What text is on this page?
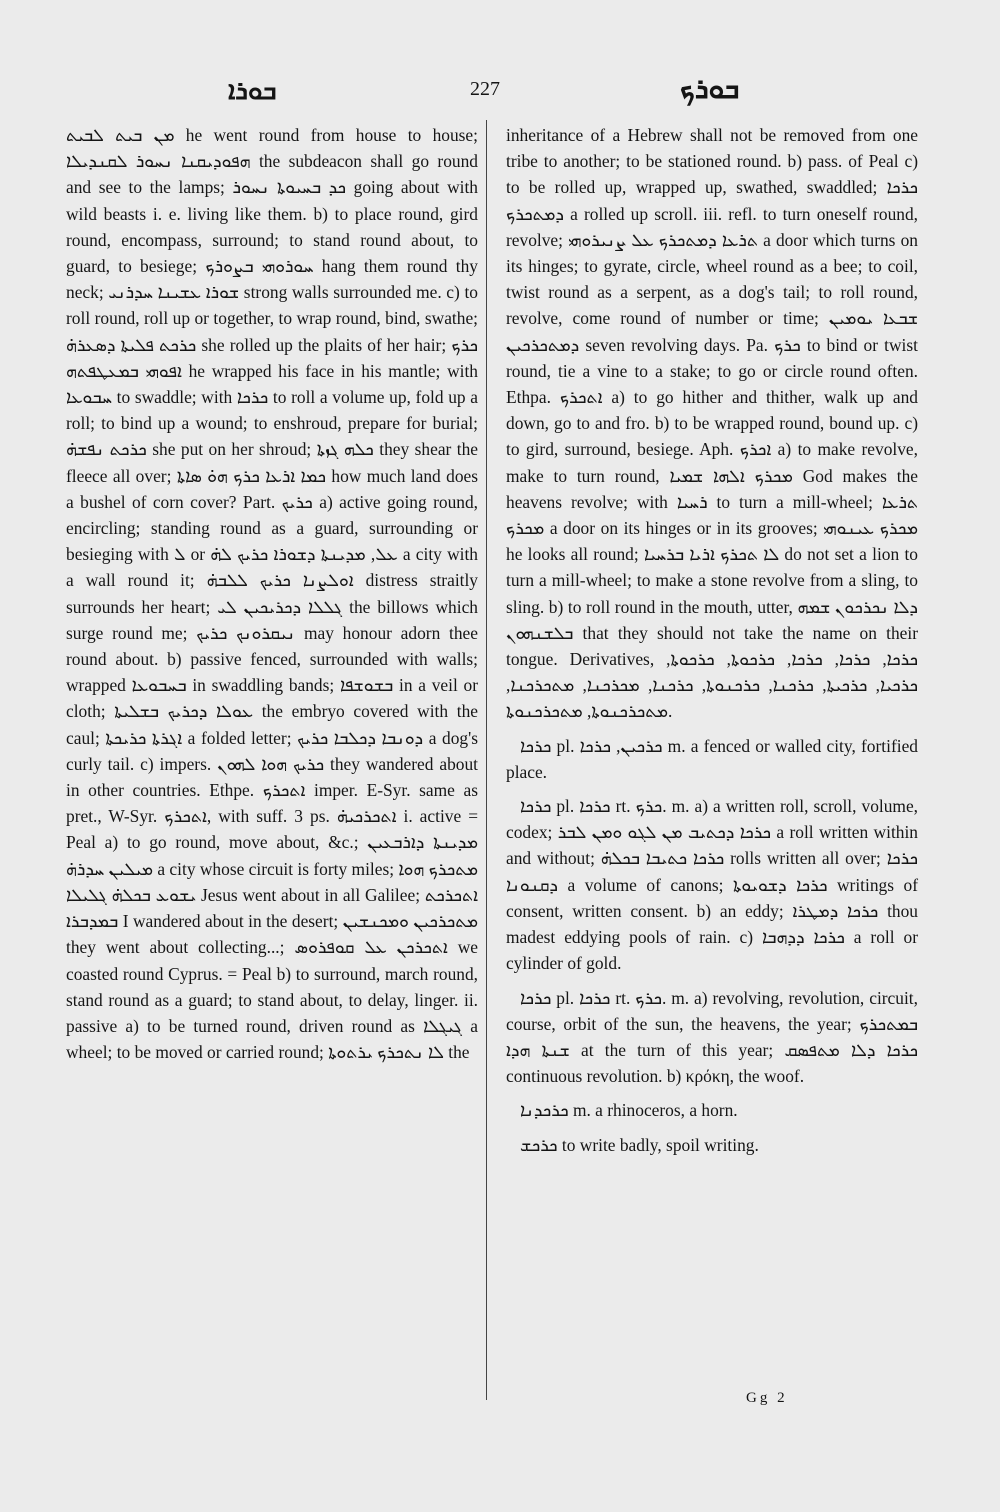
ܒܘܪܐ	227	ܒܘܪܟ

ܡܢ ܒܝܬ ܠܒܝܬ he went round from house to house; ܗܦܘܕܝܩܢܐ ܢܚܘܪ ܠܩܢܕܝܠܐ the subdeacon shall go round and see to the lamps; ܟܕ ܒܚܝܘܬܐ ܢܚܘܪ going about with wild beasts i. e. living like them. b) to place round, gird round, encompass, surround; to stand round about, to guard, to besiege; ܚܘܪܘܗܝ ܒܨܘܪܟ hang them round thy neck; ܫܘܪܐ ܥܫܝܢܐ ܚܕܪܢܝ strong walls surrounded me. c) to roll round, roll up or together, to wrap round, bind, swathe; ܟܪܟܬ ܦܠܝܬܐ ܕܣܥܪܗ̇ she rolled up the plaits of her hair; ܟܪܟ ܐܦܘܗܝ ܒܡܥܛܦܬܗ he wrapped his face in his mantle; with ܚܒܘܥܐ to swaddle; with ܟܪܟܐ to roll a volume up, fold up a roll; to bind up a wound; to enshroud, prepare for burial; ܟܪܟܬ ܢܦܫܗ̇ she put on her shroud; ܟܠܗ ܓܙܬܐ they shear the fleece all over; ܟܡܐ ܐܪܥܐ ܟܪܟ ܗܘ̇ ܣܐܬܐ how much land does a bushel of corn cover? Part. ܟܪܝܟ a) active going round, encircling; standing round as a guard, surrounding or besieging with ܠ or ܥܠ, ܡܕܝܢܬܐ ܕܫܘܪܐ ܟܪܝܟ ܠܗ̇ a city with a wall round it; ܐܘܠܨܢܐ ܟܪܝܟ ܠܠܒܗ̇ distress straitly surrounds her heart; ܓܠܠܐ ܕܟܪܝܟܝܢ ܠܝ the billows which surge round me; ܢܝܩܪܘܢܟ ܟܪܝܟ may honour adorn thee round about. b) passive fenced, surrounded with walls; wrapped ܒܚܒܘܥܐ in swaddling bands; ܒܫܘܫܦܐ in a veil or cloth; ܥܘܠܐ ܕܟܪܝܟ ܒܫܠܝܬܐ the embryo covered with the caul; ܐܓܪܬܐ ܟܪܝܟܬܐ a folded letter; ܕܘܢܒܐ ܕܟܠܒܐ ܟܪܝܟ a dog's curly tail. c) impers. ܟܪܝܟ ܗܘܐ ܠܗܘܢ they wandered about in other countries. Ethpe. ܐܬܟܪܟ imper. E-Syr. same as pret., W-Syr. ܐܬܟܪܟ, with suff. 3 ps. ܐܬܟܪܟܝܗ̇ i. active = Peal a) to go round, move about, &c.; ܡܕܝܢܬܐ ܕܐܪܒܥܝܢ ܡܝܠܝܢ ܚܕܪܗ̇ a city whose circuit is forty miles; ܡܬܟܪܟ ܗܘܐ ܝܫܘܥ ܒܟܠܗ̇ ܓܠܝܠܐ Jesus went about in all Galilee; ܐܬܟܪܟܬ ܒܡܕܒܪܐ I wandered about in the desert; ܡܬܟܪܟܝܢ ܘܡܟܢܫܝܢ they went about collecting...; ܐܬܟܪܟܢ ܥܠ ܩܘܦܪܘܣ we coasted round Cyprus. = Peal b) to surround, march round, stand round as a guard; to stand about, to delay, linger. ii. passive a) to be turned round, driven round as ܓܝܓܠܐ a wheel; to be moved or carried round; ܠܐ ܢܬܟܪܟ ܝܪܬܘܬܐ the

inheritance of a Hebrew shall not be removed from one tribe to another; to be stationed round. b) pass. of Peal c) to be rolled up, wrapped up, swathed, swaddled; ܟܪܟܐ ܕܡܬܟܪܟ a rolled up scroll. iii. refl. to turn oneself round, revolve; ܬܪܥܐ ܕܡܬܟܪܟ ܥܠ ܨܢܝܪܘܗܝ a door which turns on its hinges; to gyrate, circle, wheel round as a bee; to coil, twist round as a serpent, as a dog's tail; to roll round, revolve, come round of number or time; ܫܒܥܐ ܝܘܡܝܢ ܕܡܬܟܪܟܝܢ seven revolving days. Pa. ܟܪܟ to bind or twist round, tie a vine to a stake; to go or circle round often. Ethpa. ܐܬܟܪܟ a) to go hither and thither, walk up and down, go to and fro. b) to be wrapped round, bound up. c) to gird, surround, besiege. Aph. ܐܟܪܟ a) to make revolve, make to turn round, ܡܟܪܟ ܐܠܗܐ ܫܡܝܐ God makes the heavens revolve; with ܪܚܝܐ to turn a mill-wheel; ܬܪܥܐ ܡܟܪܟ a door on its hinges or in its grooves; ܡܟܪܟ ܥܝܢܘܗܝ he looks all round; ܠܐ ܬܟܪܟ ܐܪܝܐ ܒܪܚܝܐ do not set a lion to turn a mill-wheel; to make a stone revolve from a sling, to sling. b) to roll round in the mouth, utter, ܕܠܐ ܢܟܪܟܘܢ ܫܡܗ ܒܠܫܢܗܘܢ that they should not take the name on their tongue. Derivatives, ܟܪܟܐ, ܟܪܟܐ, ܟܪܟܐ, ܟܪܟܘܬܐ, ܟܪܟܘܬܐ, ܟܪܟܝܐ, ܟܪܟܝܬܐ, ܟܪܟܢܐ, ܟܪܟܢܘܬܐ, ܟܪܟܢܐ, ܡܟܪܟܢܐ, ܡܬܟܪܟܢܐ, ܡܬܟܪܟܢܘܬܐ, ܡܬܟܪܟܢܘܬܐ.

ܟܪܟܐ pl. ܟܪܟܝܢ, ܟܪܟܐ m. a fenced or walled city, fortified place.

ܟܪܟܐ pl. ܟܪܟܐ rt. ܟܪܟ. m. a) a written roll, scroll, volume, codex; ܟܪܟܐ ܕܟܬܝܒ ܡܢ ܠܓܘ ܘܡܢ ܠܒܪ a roll written within and without; ܟܪܟܐ ܟܬܝܒܐ ܒܟܠܗ̇ rolls written all over; ܟܪܟܐ ܕܩܢܘܢܐ a volume of canons; ܟܪܟܐ ܕܫܘܝܘܬܐ writings of consent, written consent. b) an eddy; ܟܪܟܐ ܕܡܛܪܐ thou madest eddying pools of rain. c) ܟܪܟܐ ܕܕܗܒܐ a roll or cylinder of gold.

ܟܪܟܐ pl. ܟܪܟܐ rt. ܟܪܟ. m. a) revolving, revolution, circuit, course, orbit of the sun, the heavens, the year; ܒܡܬܟܪܟ ܫܢܬܐ ܗܕܐ at the turn of this year; ܟܪܟܐ ܕܠܐ ܡܬܦܣܩ continuous revolution. b) κρόκη, the woof.

ܟܪܟܕܢܐ m. a rhinoceros, a horn.

ܟܪܟܫ to write badly, spoil writing.

Gg 2
